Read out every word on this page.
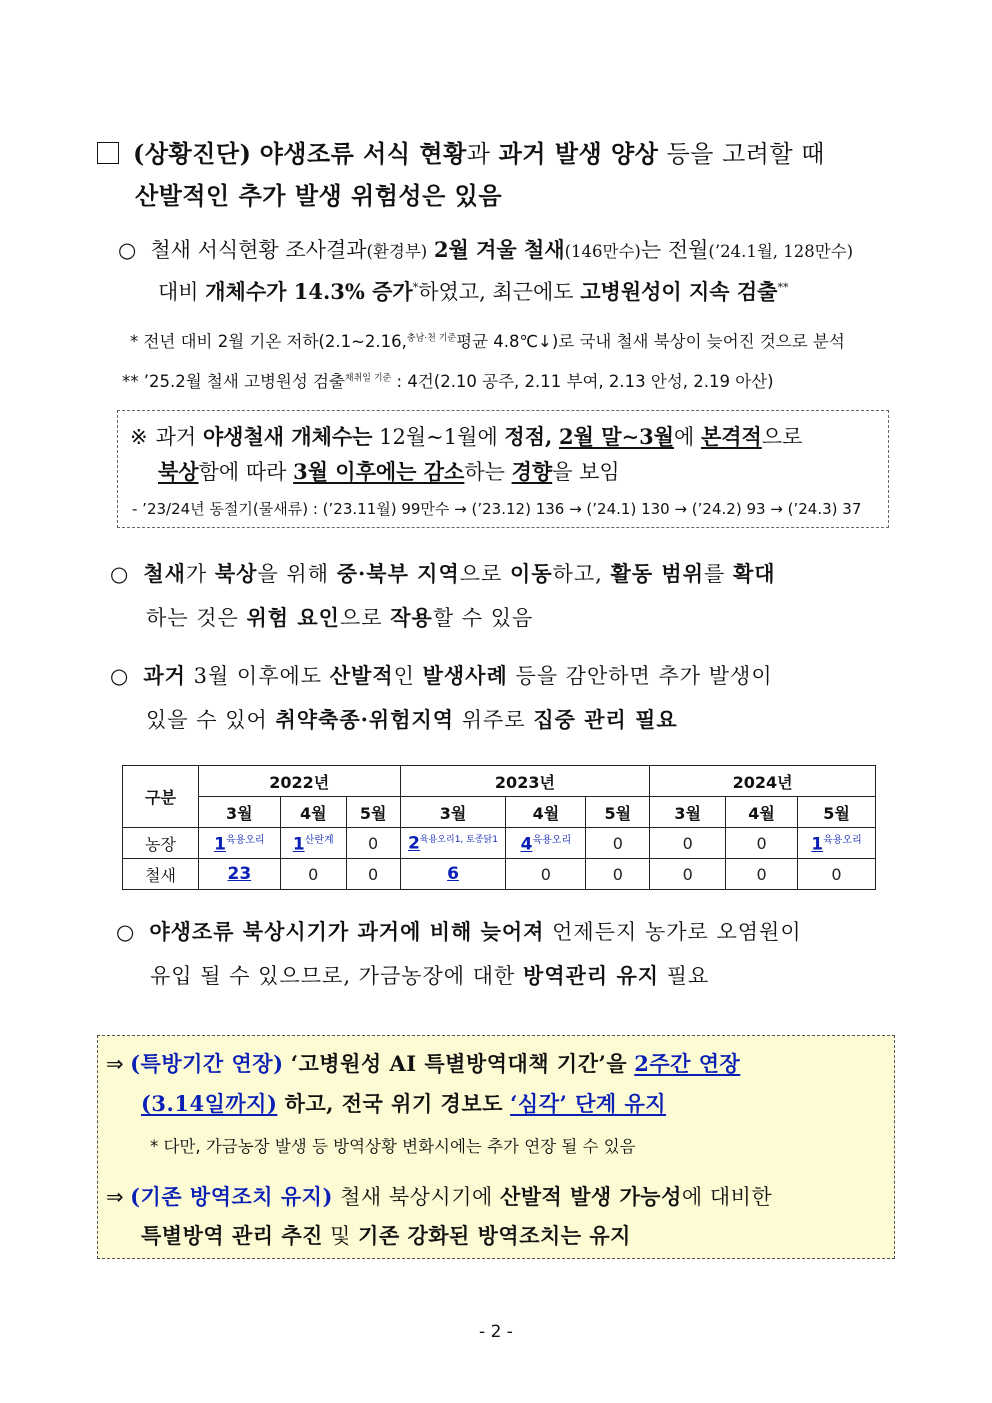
(상황진단) 야생조류 서식 현황과 과거 발생 양상 등을 고려할 때
산발적인 추가 발생 위험성은 있음
○ 철새 서식현황 조사결과(환경부) 2월 겨울 철새(146만수)는 전월(’24.1월, 128만수)
대비 개체수가 14.3% 증가*하였고, 최근에도 고병원성이 지속 검출**
* 전년 대비 2월 기온 저하(2.1~2.16,$^{충남\cdot 천 기준}$평균 4.8℃↓)로 국내 철새 북상이 늦어진 것으로 분석
** ’25.2월 철새 고병원성 검출$^{채취일 기준}$ : 4건(2.10 공주, 2.11 부여, 2.13 안성, 2.19 아산)
※ 과거 야생철새 개체수는 12월∼1월에 정점, 2월 말∼3월에 본격적으로
북상함에 따라 3월 이후에는 감소하는 경향을 보임
- ’23/24년 동절기(물새류) : (’23.11월) 99만수 → (’23.12) 136 → (’24.1) 130 → (’24.2) 93 → (’24.3) 37
○ 철새가 북상을 위해 중·북부 지역으로 이동하고, 활동 범위를 확대
하는 것은 위험 요인으로 작용할 수 있음
○ 과거 3월 이후에도 산발적인 발생사례 등을 감안하면 추가 발생이
있을 수 있어 취약축종·위험지역 위주로 집중 관리 필요
구분	2022년			2023년			2024년		
	3월	4월	5월	3월	4월	5월	3월	4월	5월
농장	$1^{육용오리}$	$1^{산란계}$	0	$2^{육용오리1, 토종닭1}$	$4^{육용오리}$	0	0	0	$1^{육용오리}$
철새	23	0	0	6	0	0	0	0	0
○ 야생조류 북상시기가 과거에 비해 늦어져 언제든지 농가로 오염원이
유입 될 수 있으므로, 가금농장에 대한 방역관리 유지 필요
⇒ (특방기간 연장) ‘고병원성 AI 특별방역대책 기간’을 2주간 연장
(3.14일까지) 하고, 전국 위기 경보도 ‘심각’ 단계 유지
* 다만, 가금농장 발생 등 방역상황 변화시에는 추가 연장 될 수 있음
⇒ (기존 방역조치 유지) 철새 북상시기에 산발적 발생 가능성에 대비한
특별방역 관리 추진 및 기존 강화된 방역조치는 유지
- 2 -
